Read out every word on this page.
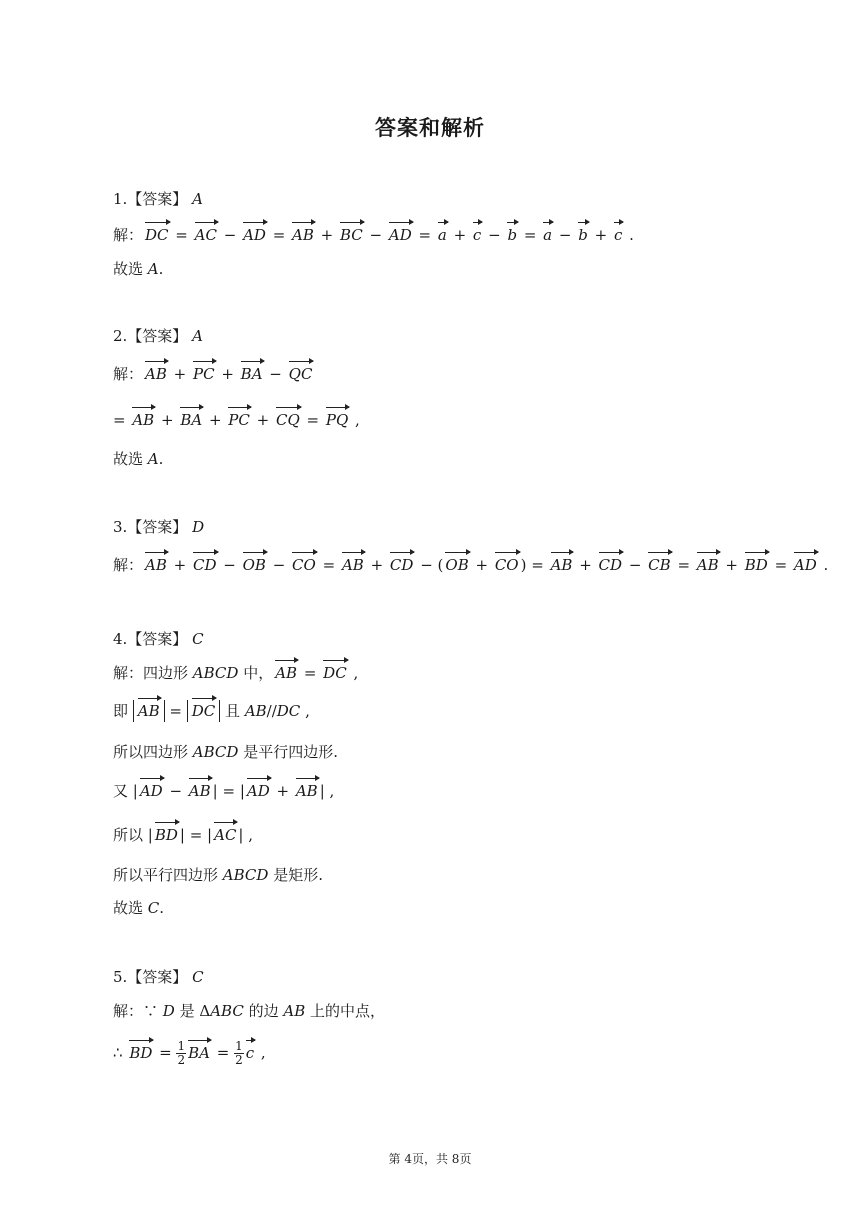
答案和解析
1.【答案】 A
解： DC = AC − AD = AB + BC − AD = a + c − b = a − b + c .
故选 A.
2.【答案】 A
解： AB + PC + BA − QC
= AB + BA + PC + CQ = PQ ,
故选 A.
3.【答案】 D
解： AB + CD − OB − CO = AB + CD − ( OB + CO ) = AB + CD − CB = AB + BD = AD .
4.【答案】 C
解：四边形 ABCD 中， AB = DC ,
即 AB = DC 且 AB//DC ,
所以四边形 ABCD 是平行四边形.
又 | AD − AB | = | AD + AB | ,
所以 | BD | = | AC | ,
所以平行四边形 ABCD 是矩形.
故选 C.
5.【答案】 C
解：∵ D 是 ΔABC 的边 AB 上的中点，
∴ BD = $\frac{1}{2}$ BA = $\frac{1}{2}$ c ,
第 4页，共 8页
